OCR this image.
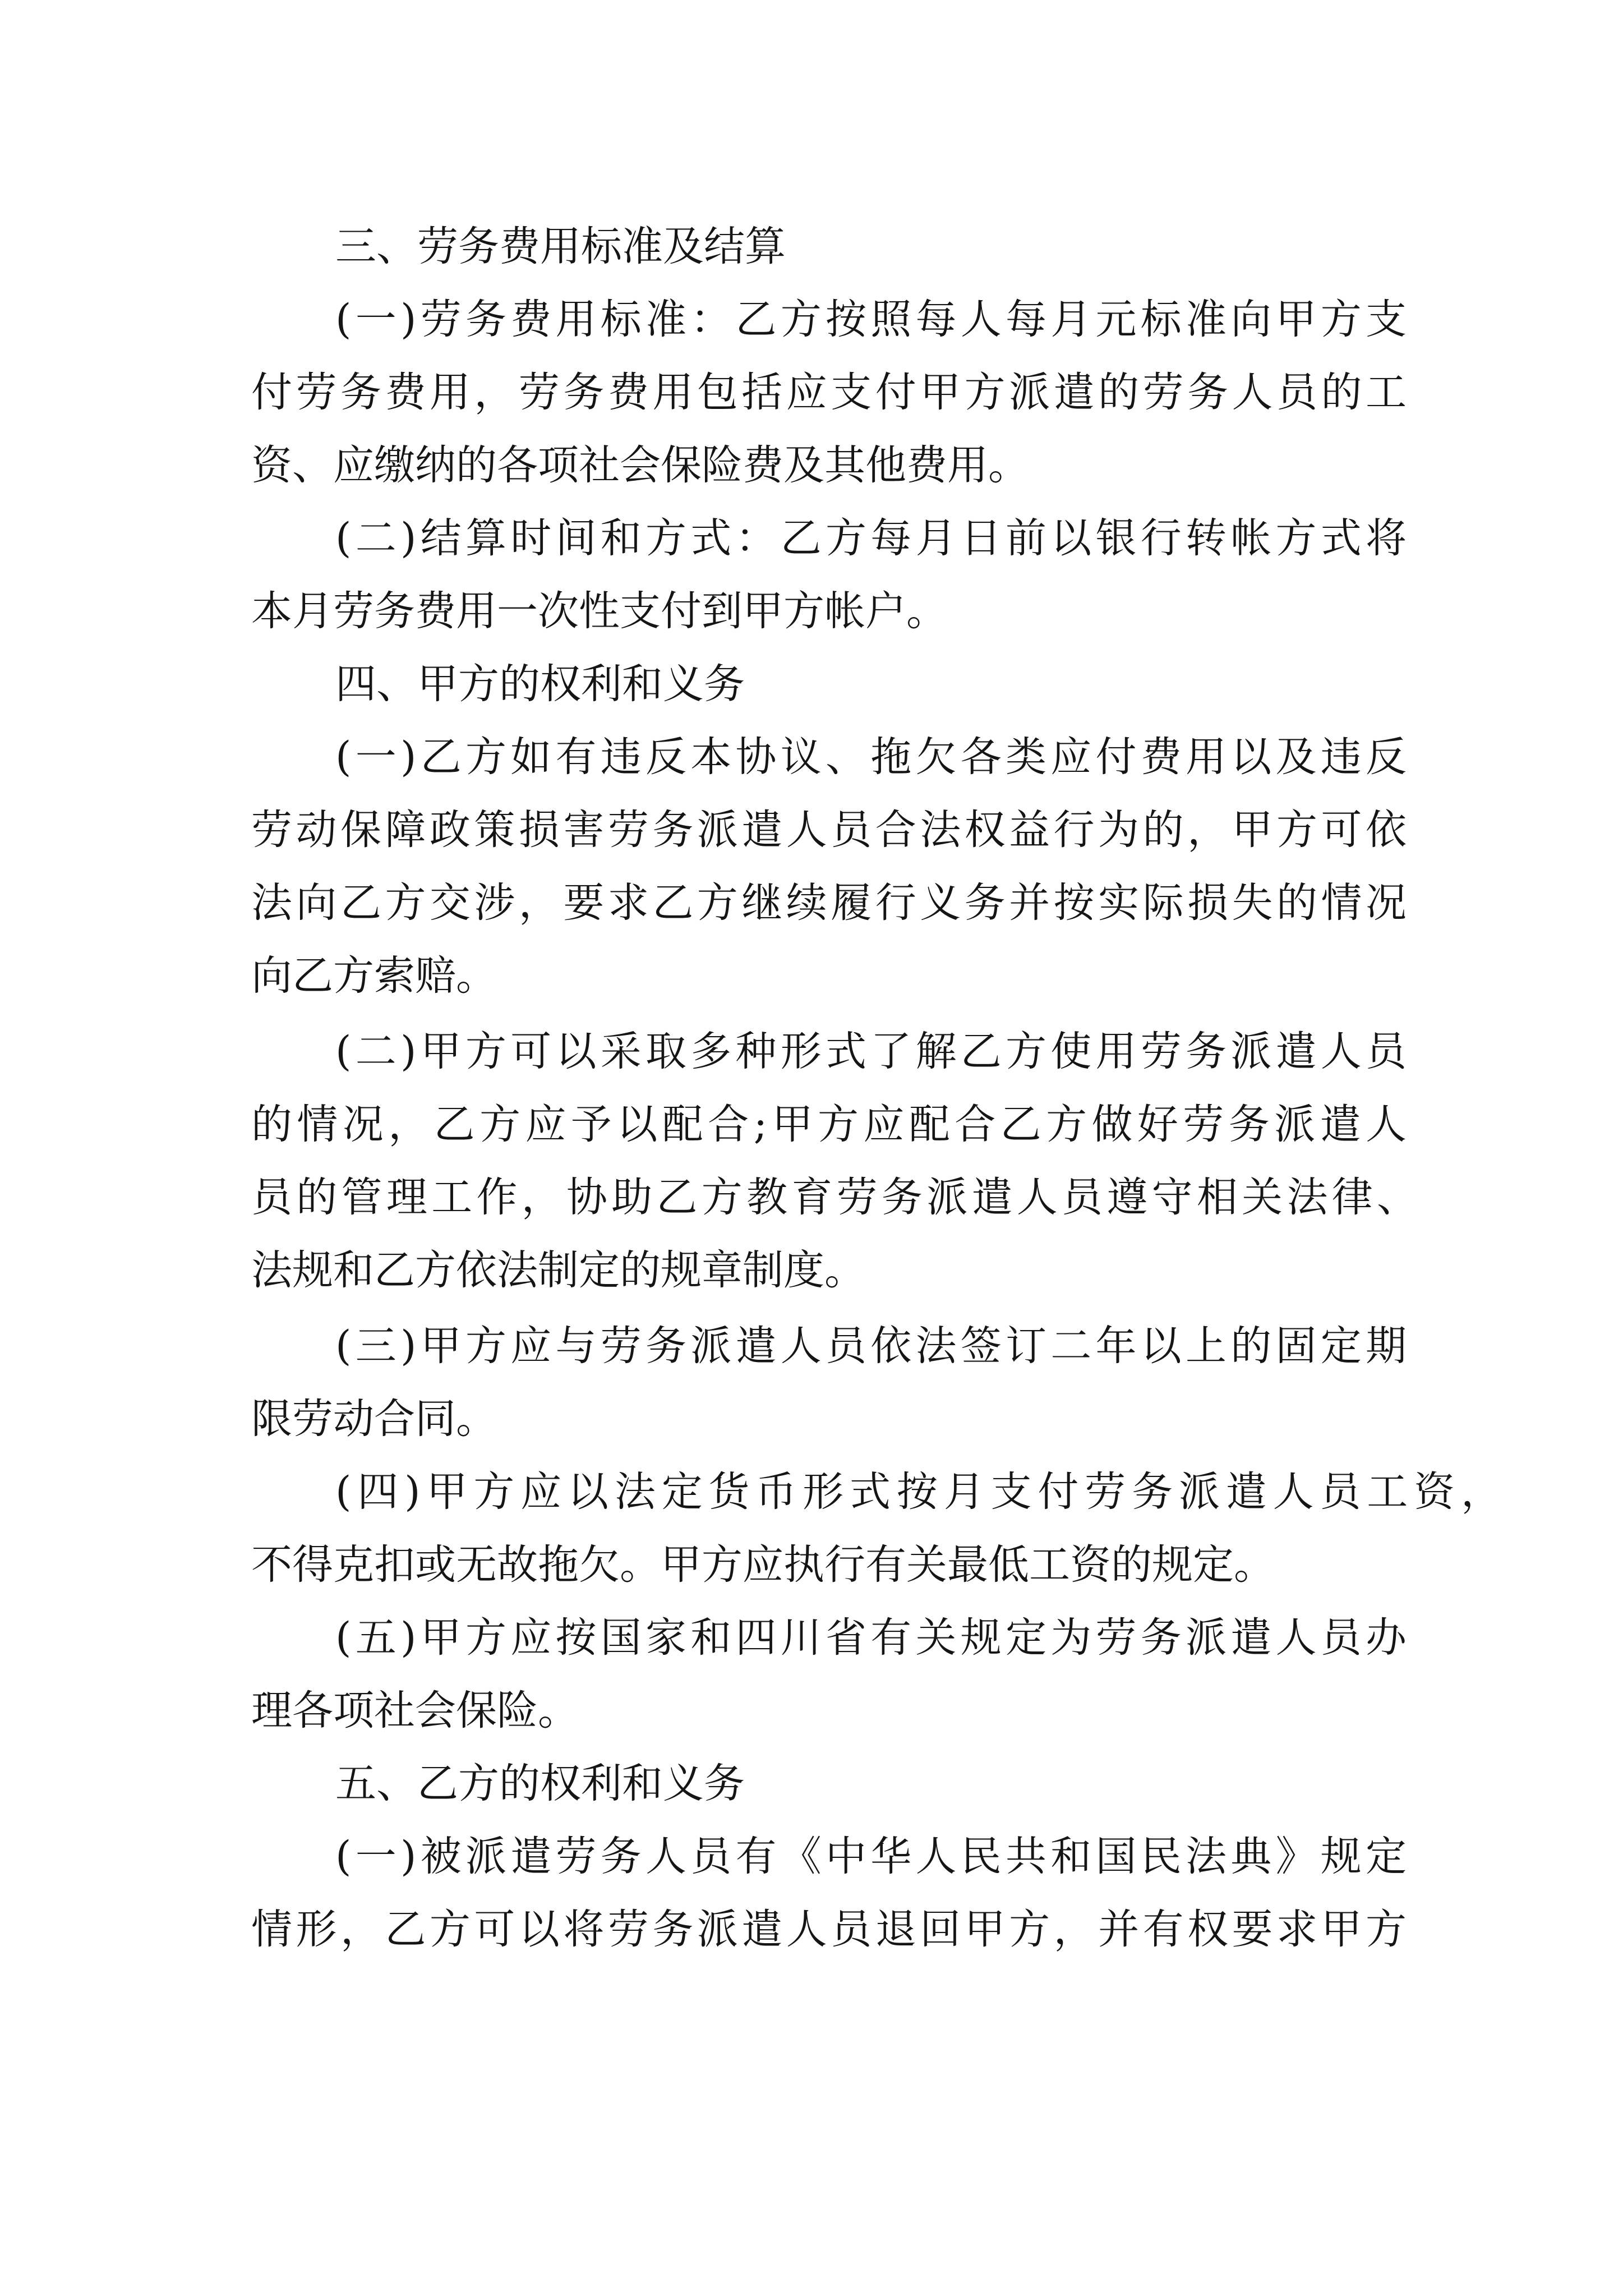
三、劳务费用标准及结算
(一)劳务费用标准：乙方按照每人每月元标准向甲方支
付劳务费用，劳务费用包括应支付甲方派遣的劳务人员的工
资、应缴纳的各项社会保险费及其他费用。
(二)结算时间和方式：乙方每月日前以银行转帐方式将
本月劳务费用一次性支付到甲方帐户。
四、甲方的权利和义务
(一)乙方如有违反本协议、拖欠各类应付费用以及违反
劳动保障政策损害劳务派遣人员合法权益行为的，甲方可依
法向乙方交涉，要求乙方继续履行义务并按实际损失的情况
向乙方索赔。
(二)甲方可以采取多种形式了解乙方使用劳务派遣人员
的情况，乙方应予以配合;甲方应配合乙方做好劳务派遣人
员的管理工作，协助乙方教育劳务派遣人员遵守相关法律、
法规和乙方依法制定的规章制度。
(三)甲方应与劳务派遣人员依法签订二年以上的固定期
限劳动合同。
(四)甲方应以法定货币形式按月支付劳务派遣人员工资，
不得克扣或无故拖欠。甲方应执行有关最低工资的规定。
(五)甲方应按国家和四川省有关规定为劳务派遣人员办
理各项社会保险。
五、乙方的权利和义务
(一)被派遣劳务人员有《中华人民共和国民法典》规定
情形，乙方可以将劳务派遣人员退回甲方，并有权要求甲方
